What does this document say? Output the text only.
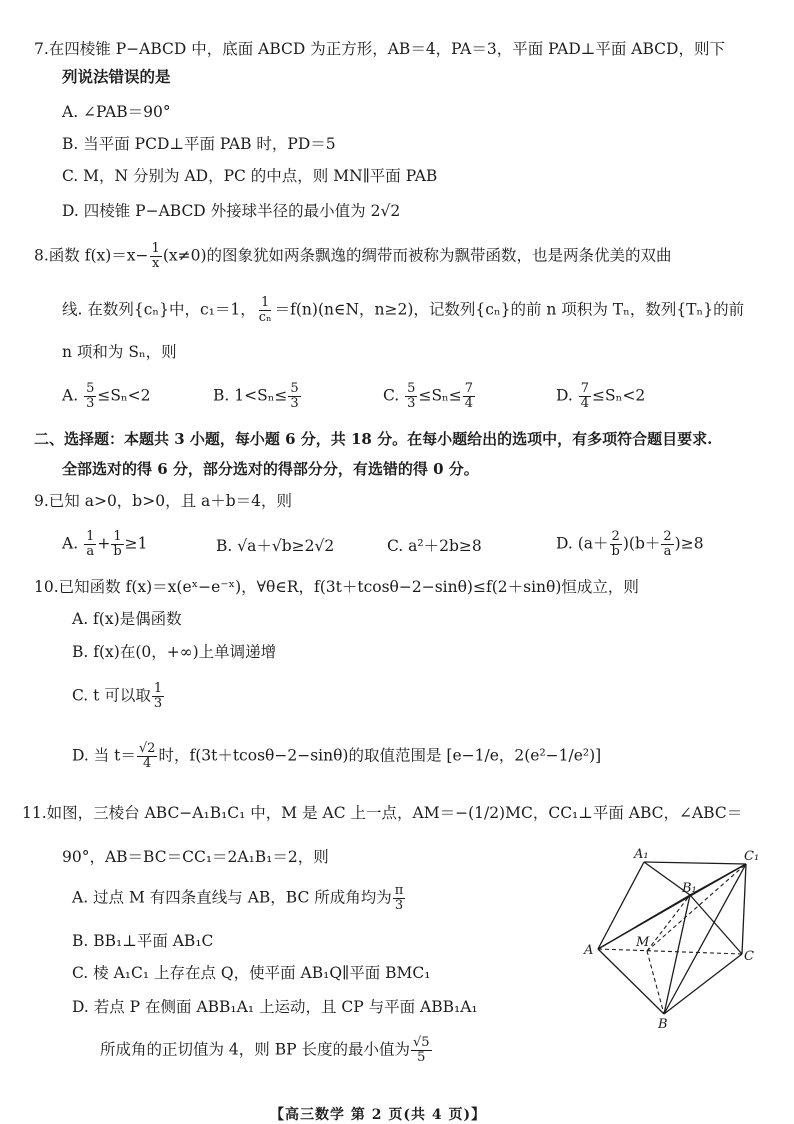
7.在四棱锥 P−ABCD 中，底面 ABCD 为正方形，AB＝4，PA＝3，平面 PAD⊥平面 ABCD，则下
列说法错误的是
A. ∠PAB＝90°
B. 当平面 PCD⊥平面 PAB 时，PD＝5
C. M，N 分别为 AD，PC 的中点，则 MN∥平面 PAB
D. 四棱锥 P−ABCD 外接球半径的最小值为 2√2
8.函数 $f(x)=x- \frac{1}{x} (x\ne 0)$的图象犹如两条飘逸的绸带而被称为飘带函数，也是两条优美的双曲
线. 在数列{cₙ}中，c₁＝1， $\frac{1}{\text{cₙ}}$ ＝f(n)(n∈N，n≥2)，记数列{cₙ}的前 n 项积为 Tₙ，数列{Tₙ}的前
n 项和为 Sₙ，则
A. $\frac{5}{3} \le S_n<2$	B. $1<S_n\le \frac{5}{3}$	C. $\frac{5}{3} \le S_n\le \frac{7}{4}$	D. $\frac{7}{4} \le S_n<2$
二、选择题：本题共 3 小题，每小题 6 分，共 18 分。在每小题给出的选项中，有多项符合题目要求.
全部选对的得 6 分，部分选对的得部分分，有选错的得 0 分。
9.已知 a>0，b>0，且 a＋b＝4，则
A. $\frac{1}{a} + \frac{1}{b} \ge 1$	B. √a＋√b≥2√2	C. a²＋2b≥8	D. $(a+ \frac{2}{b} )(b+ \frac{2}{a} )\ge 8$
10.已知函数 f(x)＝x(eˣ−e⁻ˣ)，∀θ∈R，f(3t＋tcosθ−2−sinθ)≤f(2＋sinθ)恒成立，则
A. f(x)是偶函数
B. f(x)在(0，+∞)上单调递增
C. t 可以取 $\frac{1}{3}$
D. 当 $t= \frac{√2}{4}$ 时，f(3t＋tcosθ−2−sinθ)的取值范围是 [e−1/e，2(e²−1/e²)]
11.如图，三棱台 ABC−A₁B₁C₁ 中，M 是 AC 上一点，AM＝−(1/2)MC，CC₁⊥平面 ABC，∠ABC＝
90°，AB＝BC＝CC₁＝2A₁B₁＝2，则
A. 过点 M 有四条直线与 AB，BC 所成角均为 $\frac{\pi}{3}$
B. BB₁⊥平面 AB₁C
C. 棱 A₁C₁ 上存在点 Q，使平面 AB₁Q∥平面 BMC₁
D. 若点 P 在侧面 ABB₁A₁ 上运动，且 CP 与平面 ABB₁A₁
所成角的正切值为 4，则 BP 长度的最小值为 $\frac{√5}{5}$
A₁	C₁
B₁
A
M
C
B
【高三数学 第 2 页(共 4 页)】
